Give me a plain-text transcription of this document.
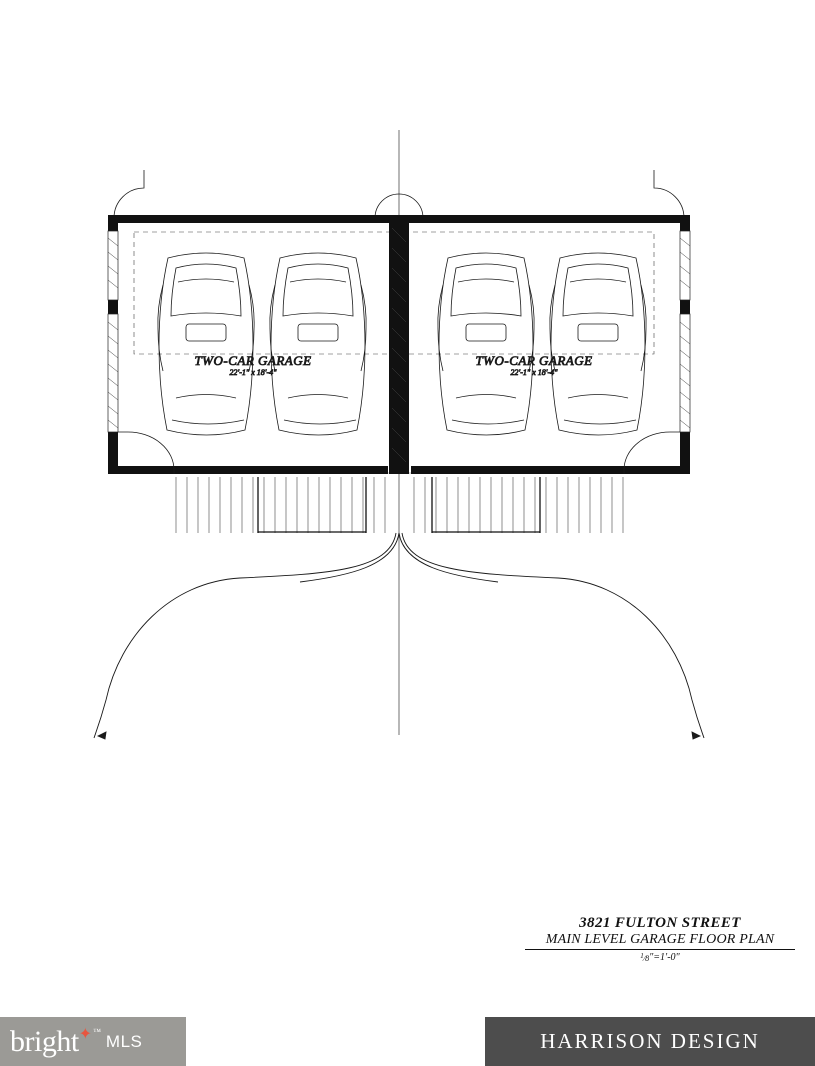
TWO-CAR GARAGE
22'-1" x 18'-4"
TWO-CAR GARAGE
22'-1" x 18'-4"
3821 FULTON STREET
MAIN LEVEL GARAGE FLOOR PLAN
$^1$⁄8"=1'-0"
bright ✦ ™ MLS	HARRISON DESIGN
